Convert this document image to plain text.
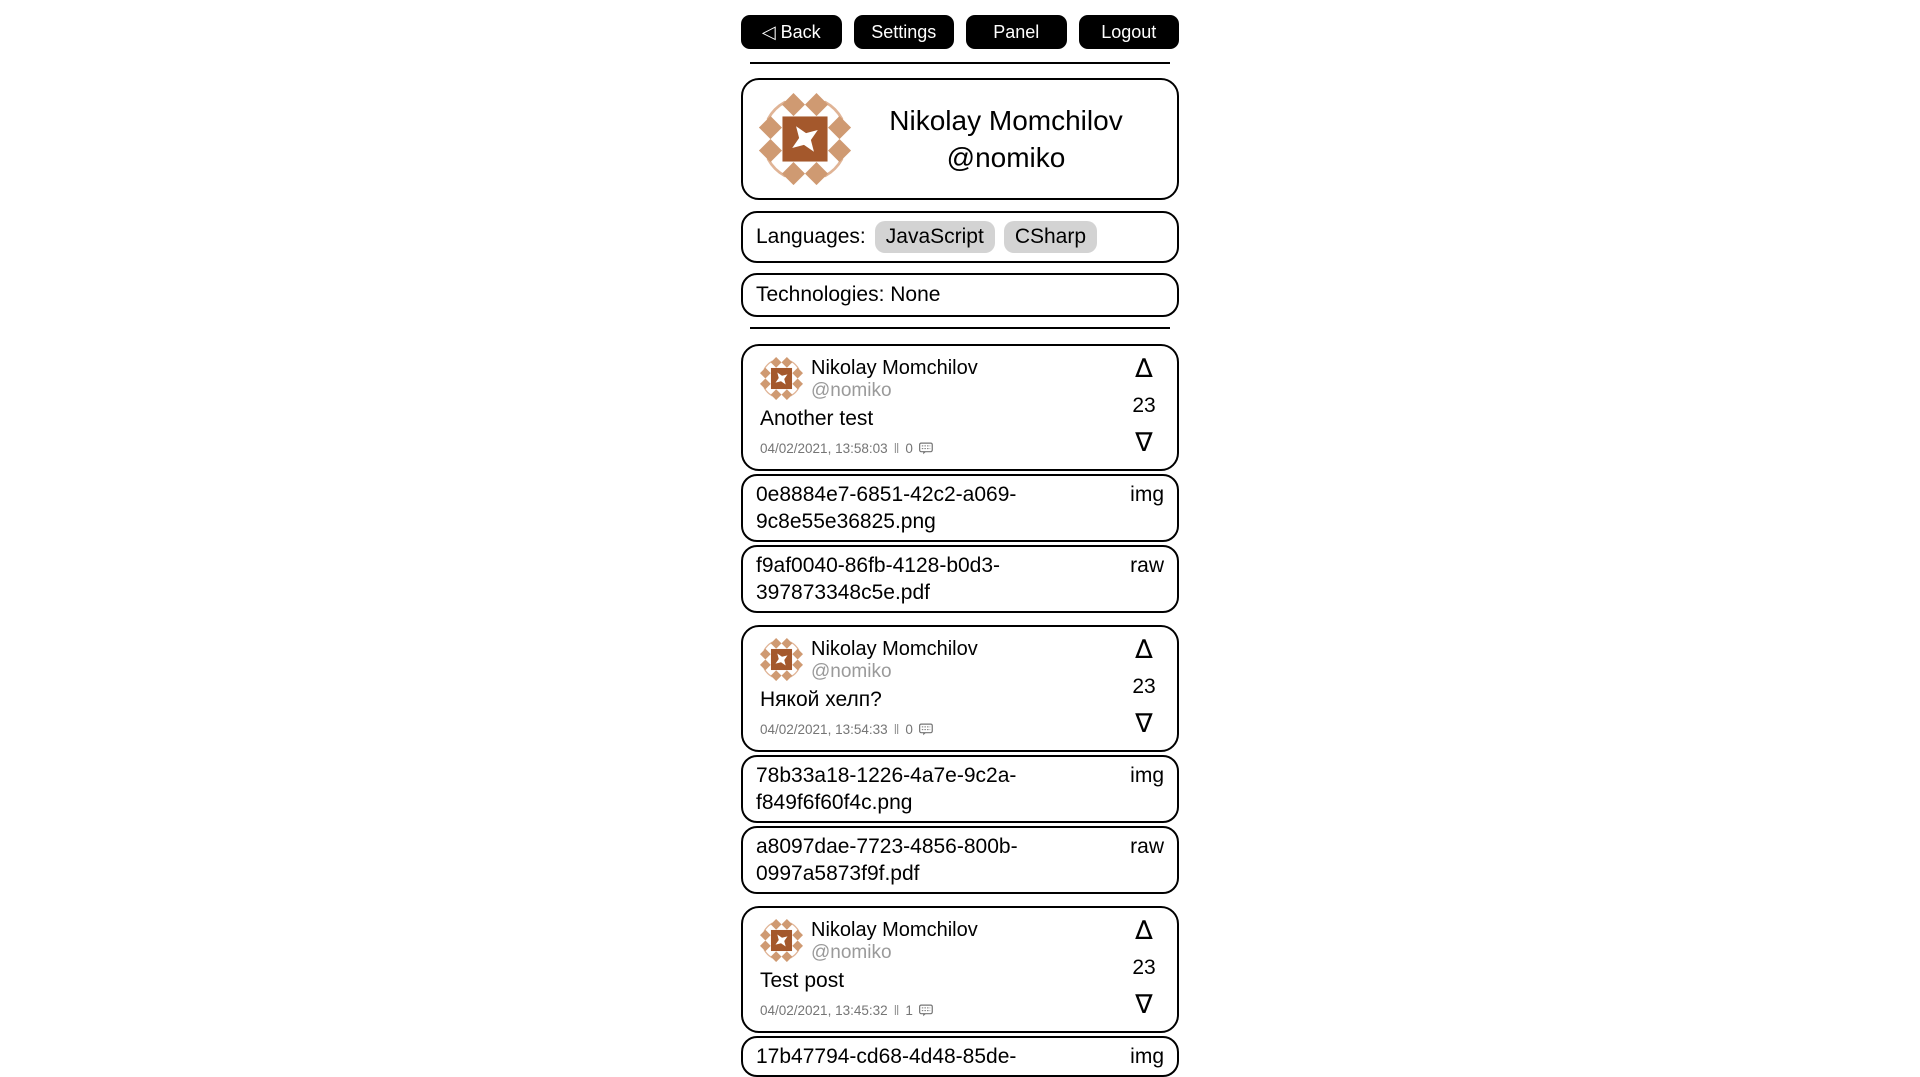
◁ Back	Settings	Panel	Logout
Nikolay Momchilov
@nomiko
Languages: JavaScript	CSharp
Technologies: None
Nikolay Momchilov
@nomiko
Another test
04/02/2021, 13:58:03 ‖ 0
∆
23
∇
0e8884e7-6851-42c2-a069-9c8e55e36825.png
img
f9af0040-86fb-4128-b0d3-397873348c5e.pdf
raw
Nikolay Momchilov
@nomiko
Някой хелп?
04/02/2021, 13:54:33 ‖ 0
∆
23
∇
78b33a18-1226-4a7e-9c2a-f849f6f60f4c.png
img
a8097dae-7723-4856-800b-0997a5873f9f.pdf
raw
Nikolay Momchilov
@nomiko
Test post
04/02/2021, 13:45:32 ‖ 1
∆
23
∇
17b47794-cd68-4d48-85de-	img
